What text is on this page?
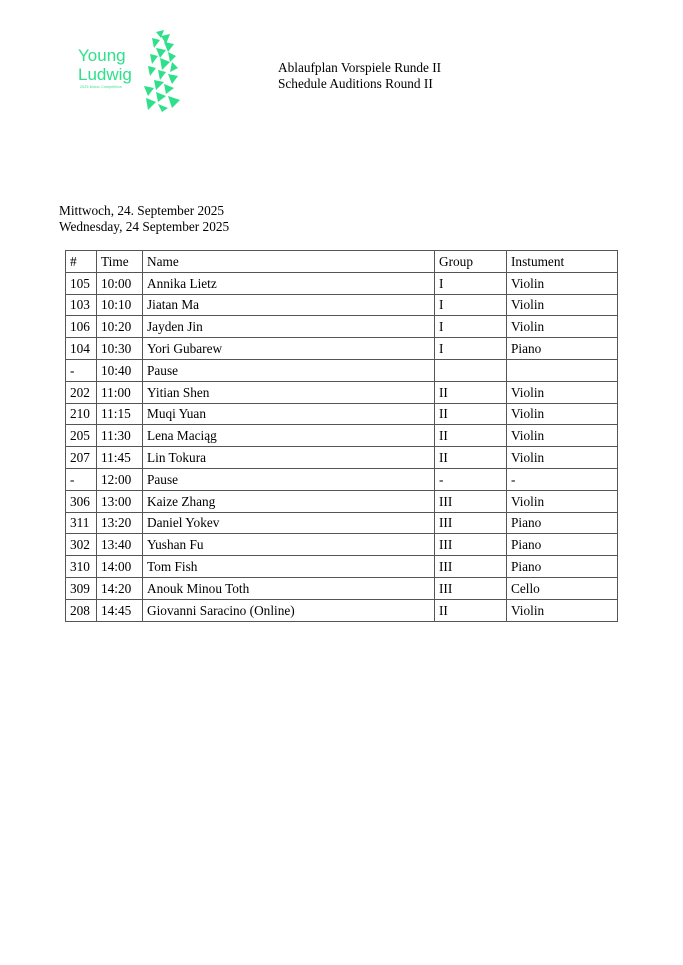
Young
Ludwig
2025 Music Competition
Ablaufplan Vorspiele Runde II
Schedule Auditions Round II
Mittwoch, 24. September 2025
Wednesday, 24 September 2025
#	Time	Name	Group	Instument
105	10:00	Annika Lietz	I	Violin
103	10:10	Jiatan Ma	I	Violin
106	10:20	Jayden Jin	I	Violin
104	10:30	Yori Gubarew	I	Piano
-	10:40	Pause		
202	11:00	Yitian Shen	II	Violin
210	11:15	Muqi Yuan	II	Violin
205	11:30	Lena Maciąg	II	Violin
207	11:45	Lin Tokura	II	Violin
-	12:00	Pause	-	-
306	13:00	Kaize Zhang	III	Violin
311	13:20	Daniel Yokev	III	Piano
302	13:40	Yushan Fu	III	Piano
310	14:00	Tom Fish	III	Piano
309	14:20	Anouk Minou Toth	III	Cello
208	14:45	Giovanni Saracino (Online)	II	Violin
